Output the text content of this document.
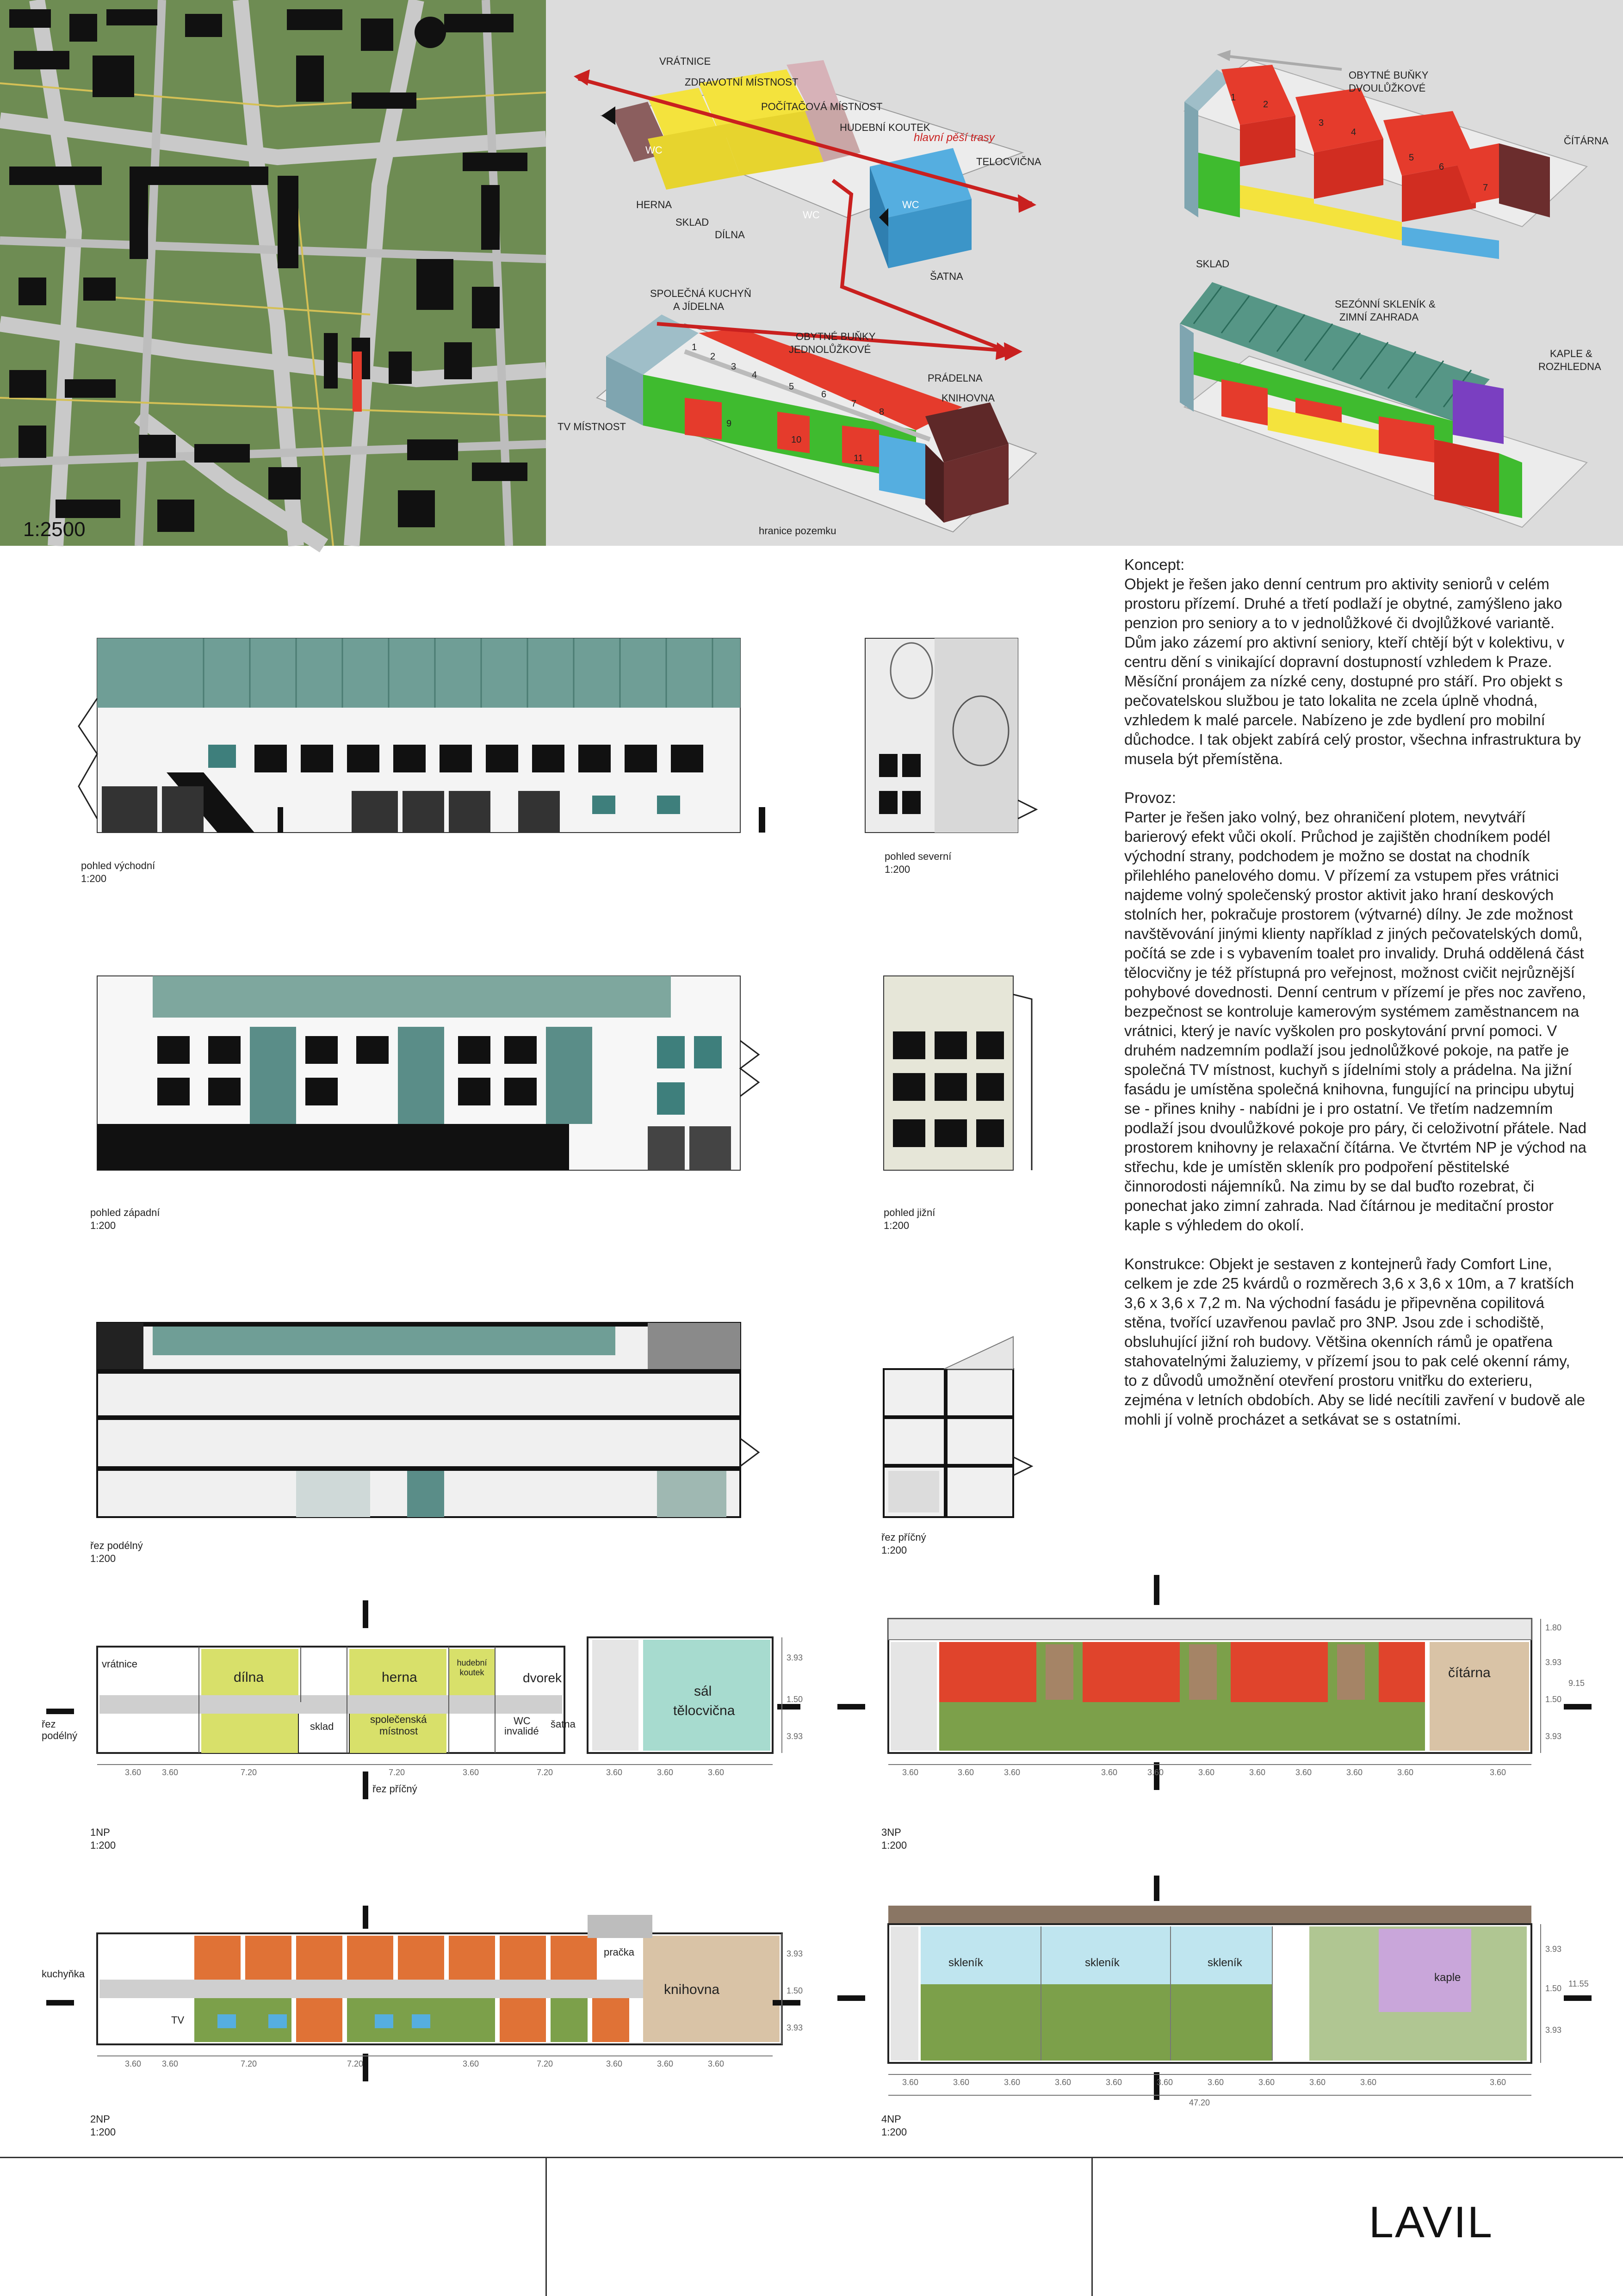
1:2500
hlavní pěší trasy
VRÁTNICE
ZDRAVOTNÍ MÍSTNOST
POČÍTAČOVÁ MÍSTNOST
HUDEBNÍ KOUTEK
TELOCVIČNA
HERNA
SKLAD
DÍLNA
WC
WC
WC
ŠATNA
SPOLEČNÁ KUCHYŇ
A JÍDELNA
OBYTNÉ BUŇKY
JEDNOLŮŽKOVÉ
PRÁDELNA
KNIHOVNA
TV MÍSTNOST
hranice pozemku
1
2
3
4
5
6
7
8
9
10
11
OBYTNÉ BUŇKY
DVOULŮŽKOVÉ
ČÍTÁRNA
1
2
3
4
5
6
7
SKLAD
SEZÓNNÍ SKLENÍK &
ZIMNÍ ZAHRADA
KAPLE &
ROZHLEDNA
pohled východní
1:200
pohled severní
1:200
pohled západní
1:200
pohled jižní
1:200
řez podélný
1:200
řez příčný
1:200

Koncept:
Objekt je řešen jako denní centrum pro aktivity seniorů v celém prostoru přízemí. Druhé a třetí podlaží je obytné, zamýšleno jako penzion pro seniory a to v jednolůžkové či dvojlůžkové variantě. Dům jako zázemí pro aktivní seniory, kteří chtějí být v kolektivu, v centru dění s vinikající dopravní dostupností vzhledem k Praze. Měsíční pronájem za nízké ceny, dostupné pro stáří. Pro objekt s pečovatelskou službou je tato lokalita ne zcela úplně vhodná, vzhledem k malé parcele. Nabízeno je zde bydlení pro mobilní důchodce. I tak objekt zabírá celý prostor, všechna infrastruktura by musela být přemístěna.

Provoz:
Parter je řešen jako volný, bez ohraničení plotem, nevytváří barierový efekt vůči okolí. Průchod je zajištěn chodníkem podél východní strany, podchodem je možno se dostat na chodník přilehlého panelového domu. V přízemí za vstupem přes vrátnici najdeme volný společenský prostor aktivit jako hraní deskových stolních her, pokračuje prostorem (výtvarné) dílny. Je zde možnost navštěvování jinými klienty například z jiných pečovatelských domů, počítá se zde i s vybavením toalet pro invalidy. Druhá oddělená část tělocvičny je též přístupná pro veřejnost, možnost cvičit nejrůznější pohybové dovednosti. Denní centrum v přízemí je přes noc zavřeno, bezpečnost se kontroluje kamerovým systémem zaměstnancem na vrátnici, který je navíc vyškolen pro poskytování první pomoci. V druhém nadzemním podlaží jsou jednolůžkové pokoje, na patře je společná TV místnost, kuchyň s jídelními stoly a prádelna. Na jižní fasádu je umístěna společná knihovna, fungující na principu ubytuj se - přines knihy - nabídni je i pro ostatní. Ve třetím nadzemním podlaží jsou dvoulůžkové pokoje pro páry, či celoživotní přátele. Nad prostorem knihovny je relaxační čítárna. Ve čtvrtém NP je východ na střechu, kde je umístěn skleník pro podpoření pěstitelské činnorodosti nájemníků. Na zimu by se dal buďto rozebrat, či ponechat jako zimní zahrada. Nad čítárnou je meditační prostor kaple s výhledem do okolí.

Konstrukce: Objekt je sestaven z kontejnerů řady Comfort Line, celkem je zde 25 kvárdů o rozměrech 3,6 x 3,6 x 10m, a 7 kratších 3,6 x 3,6 x 7,2 m. Na východní fasádu je připevněna copilitová stěna, tvořící uzavřenou pavlač pro 3NP. Jsou zde i schodiště, obsluhující jižní roh budovy. Většina okenních rámů je opatřena stahovatelnými žaluziemy, v přízemí jsou to pak celé okenní rámy, to z důvodů umožnění otevření prostoru vnitřku do exterieru, zejména v letních obdobích. Aby se lidé necítili zavření v budově ale mohli jí volně procházet a setkávat se s ostatními.

3.60 3.60	7.20	7.20	3.60	7.20	3.60	3.60	3.60
3.93
1.50
3.93
vrátnice
dílna	herna
hudební koutek	dvorek
sál
tělocvična
sklad
společenská
místnost
WC
invalidé
šatna
řez
podélný
řez příčný
1NP
1:200
3.60 3.60	7.20	7.20	3.60	7.20	3.60	3.60	3.60
3.93
1.50
3.93
kuchyňka
TV
pračka
knihovna
2NP
1:200
3.60	3.60	3.60	3.60	3.60	3.60	3.60	3.60	3.60	3.60	3.60
1.80
3.93
1.50
3.93
9.15
čítárna
3NP
1:200
3.60	3.60	3.60	3.60	3.60	3.60	3.60	3.60	3.60	3.60	3.60
47.20
3.93
1.50
3.93
11.55
skleník	skleník	skleník
kaple
4NP
1:200
LAVIL
